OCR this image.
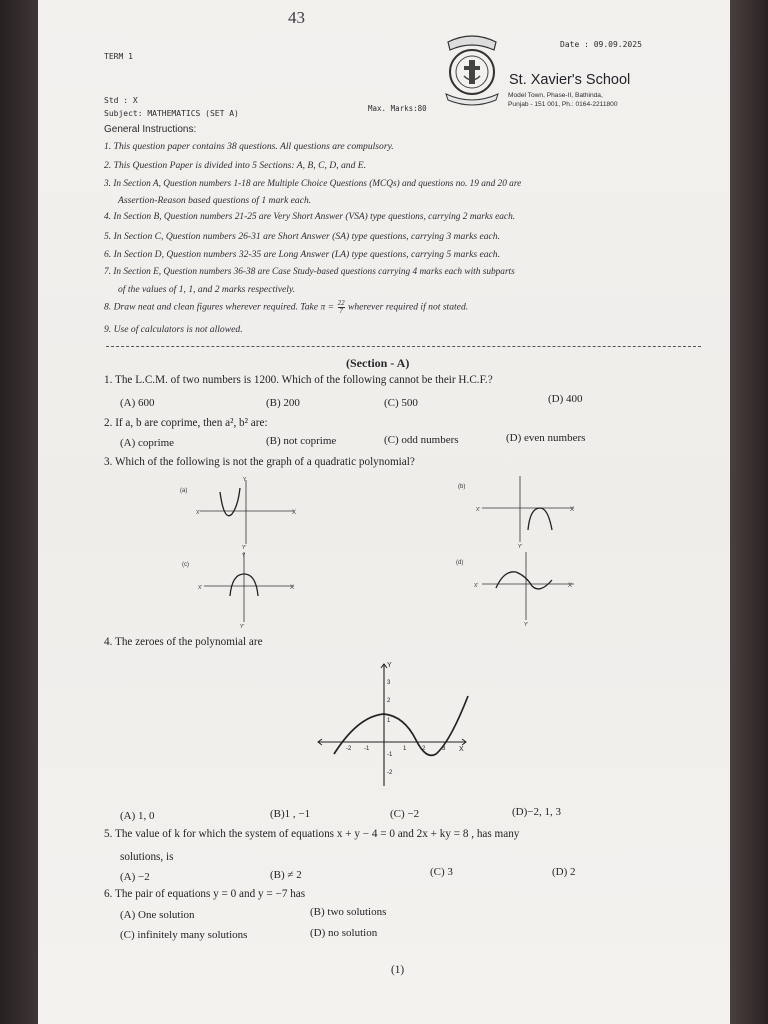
43
TERM 1
Date : 09.09.2025
St. Xavier's School
Model Town, Phase-II, Bathinda,
Punjab - 151 001, Ph.: 0164-2211800
Std : X
Subject: MATHEMATICS (SET A)
Max. Marks:80
General Instructions:
1. This question paper contains 38 questions. All questions are compulsory.
2. This Question Paper is divided into 5 Sections: A, B, C, D, and E.
3. In Section A, Question numbers 1-18 are Multiple Choice Questions (MCQs) and questions no. 19 and 20 are
Assertion-Reason based questions of 1 mark each.
4. In Section B, Question numbers 21-25 are Very Short Answer (VSA) type questions, carrying 2 marks each.
5. In Section C, Question numbers 26-31 are Short Answer (SA) type questions, carrying 3 marks each.
6. In Section D, Question numbers 32-35 are Long Answer (LA) type questions, carrying 5 marks each.
7. In Section E, Question numbers 36-38 are Case Study-based questions carrying 4 marks each with subparts
of the values of 1, 1, and 2 marks respectively.
8. Draw neat and clean figures wherever required. Take $\pi = \frac{22}{7}$ wherever required if not stated.
9. Use of calculators is not allowed.
(Section - A)
1. The L.C.M. of two numbers is 1200. Which of the following cannot be their H.C.F.?
(A) 600	(B) 200	(C) 500	(D) 400
2. If a, b are coprime, then a², b² are:
(A) coprime	(B) not coprime	(C) odd numbers	(D) even numbers
3. Which of the following is not the graph of a quadratic polynomial?
(a)
X
X'
Y
Y'
(b)
X
X'
Y'
(c)
X
X'
Y
Y'
(d)
X
X'
Y'
4. The zeroes of the polynomial are
Y
X
-2 -1	1	2	3
3
2
1
-1
-2
(A) 1, 0	(B)1 , −1	(C) −2	(D)−2, 1, 3
5. The value of k for which the system of equations x + y − 4 = 0 and 2x + ky = 8 , has many
solutions, is
(A) −2	(B) ≠ 2	(C) 3	(D) 2
6. The pair of equations y = 0 and y = −7 has
(A) One solution	(B) two solutions
(C) infinitely many solutions	(D) no solution
(1)
